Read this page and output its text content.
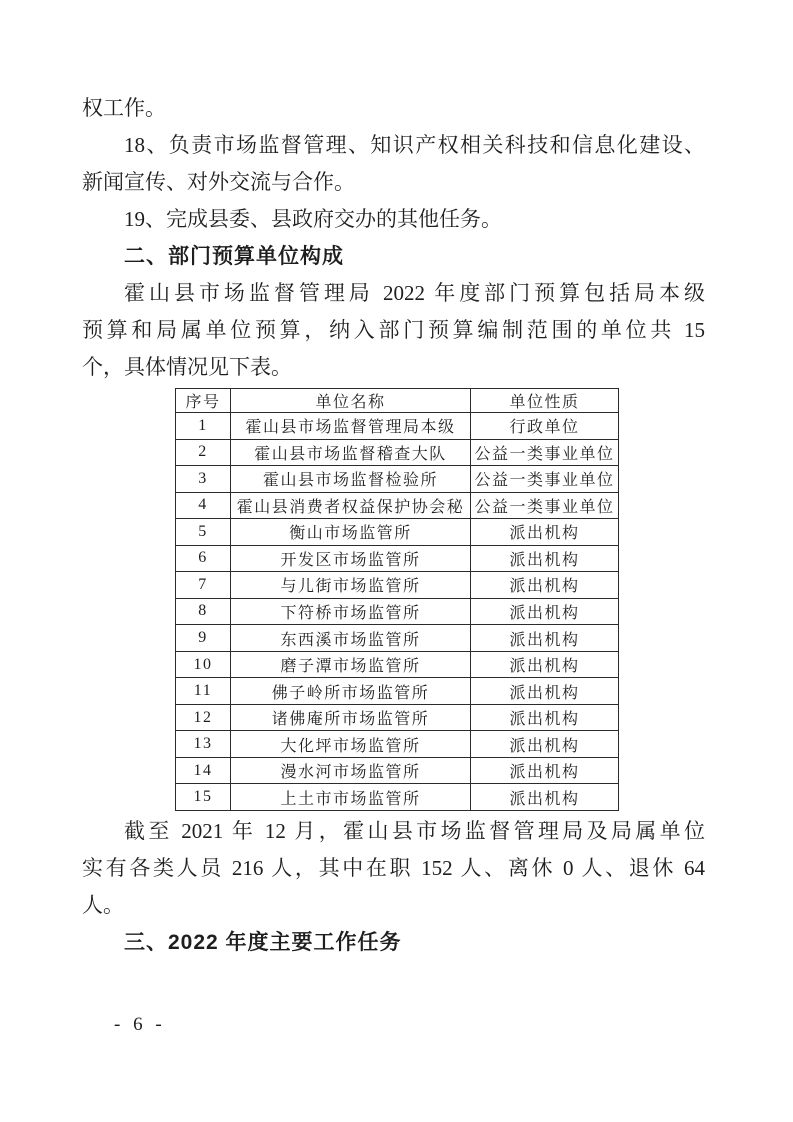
权工作。
18、负责市场监督管理、知识产权相关科技和信息化建设、
新闻宣传、对外交流与合作。
19、完成县委、县政府交办的其他任务。
二、部门预算单位构成
霍山县市场监督管理局 2022 年度部门预算包括局本级
预算和局属单位预算，纳入部门预算编制范围的单位共 15
个，具体情况见下表。
序号	单位名称	单位性质
1	霍山县市场监督管理局本级	行政单位
2	霍山县市场监督稽查大队	公益一类事业单位
3	霍山县市场监督检验所	公益一类事业单位
4	霍山县消费者权益保护协会秘	公益一类事业单位
5	衡山市场监管所	派出机构
6	开发区市场监管所	派出机构
7	与儿街市场监管所	派出机构
8	下符桥市场监管所	派出机构
9	东西溪市场监管所	派出机构
10	磨子潭市场监管所	派出机构
11	佛子岭所市场监管所	派出机构
12	诸佛庵所市场监管所	派出机构
13	大化坪市场监管所	派出机构
14	漫水河市场监管所	派出机构
15	上土市市场监管所	派出机构
截至 2021 年 12 月，霍山县市场监督管理局及局属单位
实有各类人员 216 人，其中在职 152 人、离休 0 人、退休 64
人。
三、2022 年度主要工作任务
- 6 -
